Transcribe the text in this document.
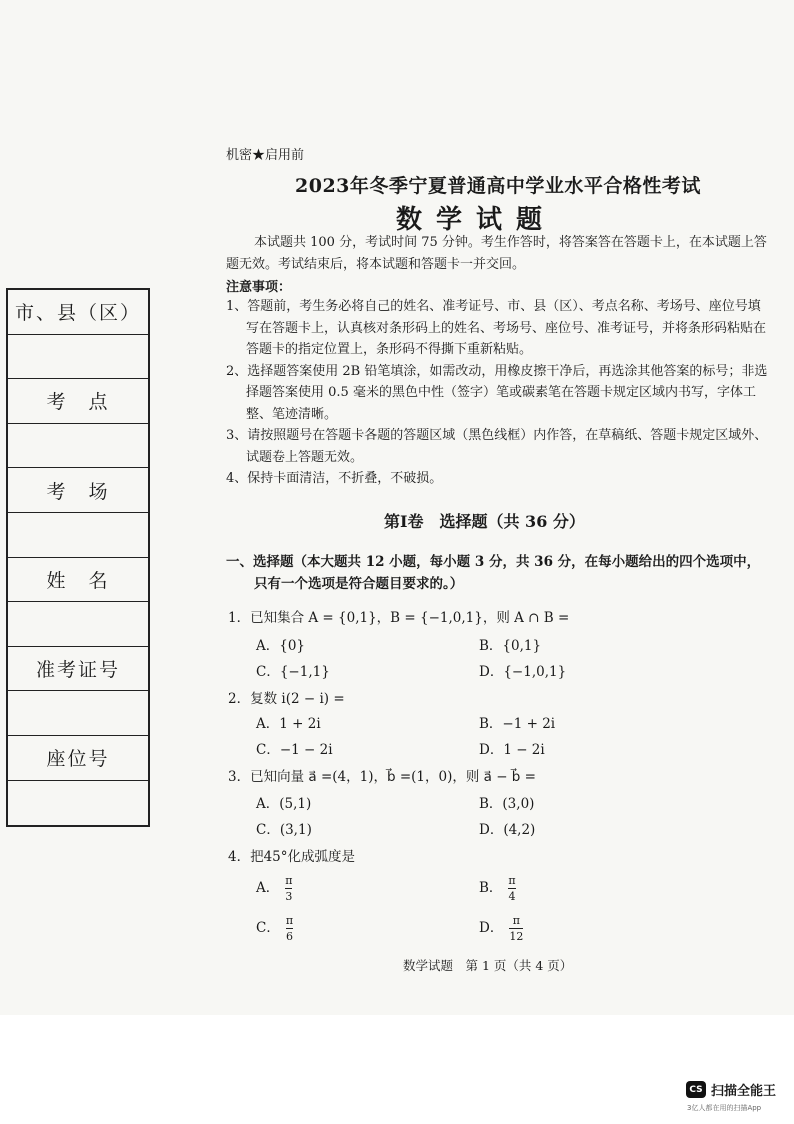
市、县（区）
考　点
考　场
姓　名
准考证号
座位号
机密★启用前
2023年冬季宁夏普通高中学业水平合格性考试
数学试题
本试题共 100 分，考试时间 75 分钟。考生作答时，将答案答在答题卡上，在本试题上答题无效。考试结束后，将本试题和答题卡一并交回。
注意事项：

1、答题前，考生务必将自己的姓名、准考证号、市、县（区）、考点名称、考场号、座位号填写在答题卡上，认真核对条形码上的姓名、考场号、座位号、准考证号，并将条形码粘贴在答题卡的指定位置上，条形码不得撕下重新粘贴。

2、选择题答案使用 2B 铅笔填涂，如需改动，用橡皮擦干净后，再选涂其他答案的标号；非选择题答案使用 0.5 毫米的黑色中性（签字）笔或碳素笔在答题卡规定区域内书写，字体工整、笔迹清晰。

3、请按照题号在答题卡各题的答题区域（黑色线框）内作答，在草稿纸、答题卡规定区域外、试题卷上答题无效。

4、保持卡面清洁，不折叠，不破损。

第Ⅰ卷　选择题（共 36 分）

一、选择题（本大题共 12 小题，每小题 3 分，共 36 分，在每小题给出的四个选项中，

只有一个选项是符合题目要求的。）

1．已知集合 A = {0,1}，B = {−1,0,1}，则 A ∩ B =
A．{0}	B．{0,1}
C．{−1,1}	D．{−1,0,1}
2．复数 i(2 − i) =
A．1 + 2i	B．−1 + 2i
C．−1 − 2i	D．1 − 2i
3．已知向量 a⃗ =(4，1)，b⃗ =(1，0)，则 a⃗ − b⃗ =
A．(5,1)	B．(3,0)
C．(3,1)	D．(4,2)
4．把45°化成弧度是
A． $\frac{\pi}{3}$	B． $\frac{\pi}{4}$
C． $\frac{\pi}{6}$	D． $\frac{\pi}{12}$
数学试题　第 1 页（共 4 页）
CS 扫描全能王
3亿人都在用的扫描App
